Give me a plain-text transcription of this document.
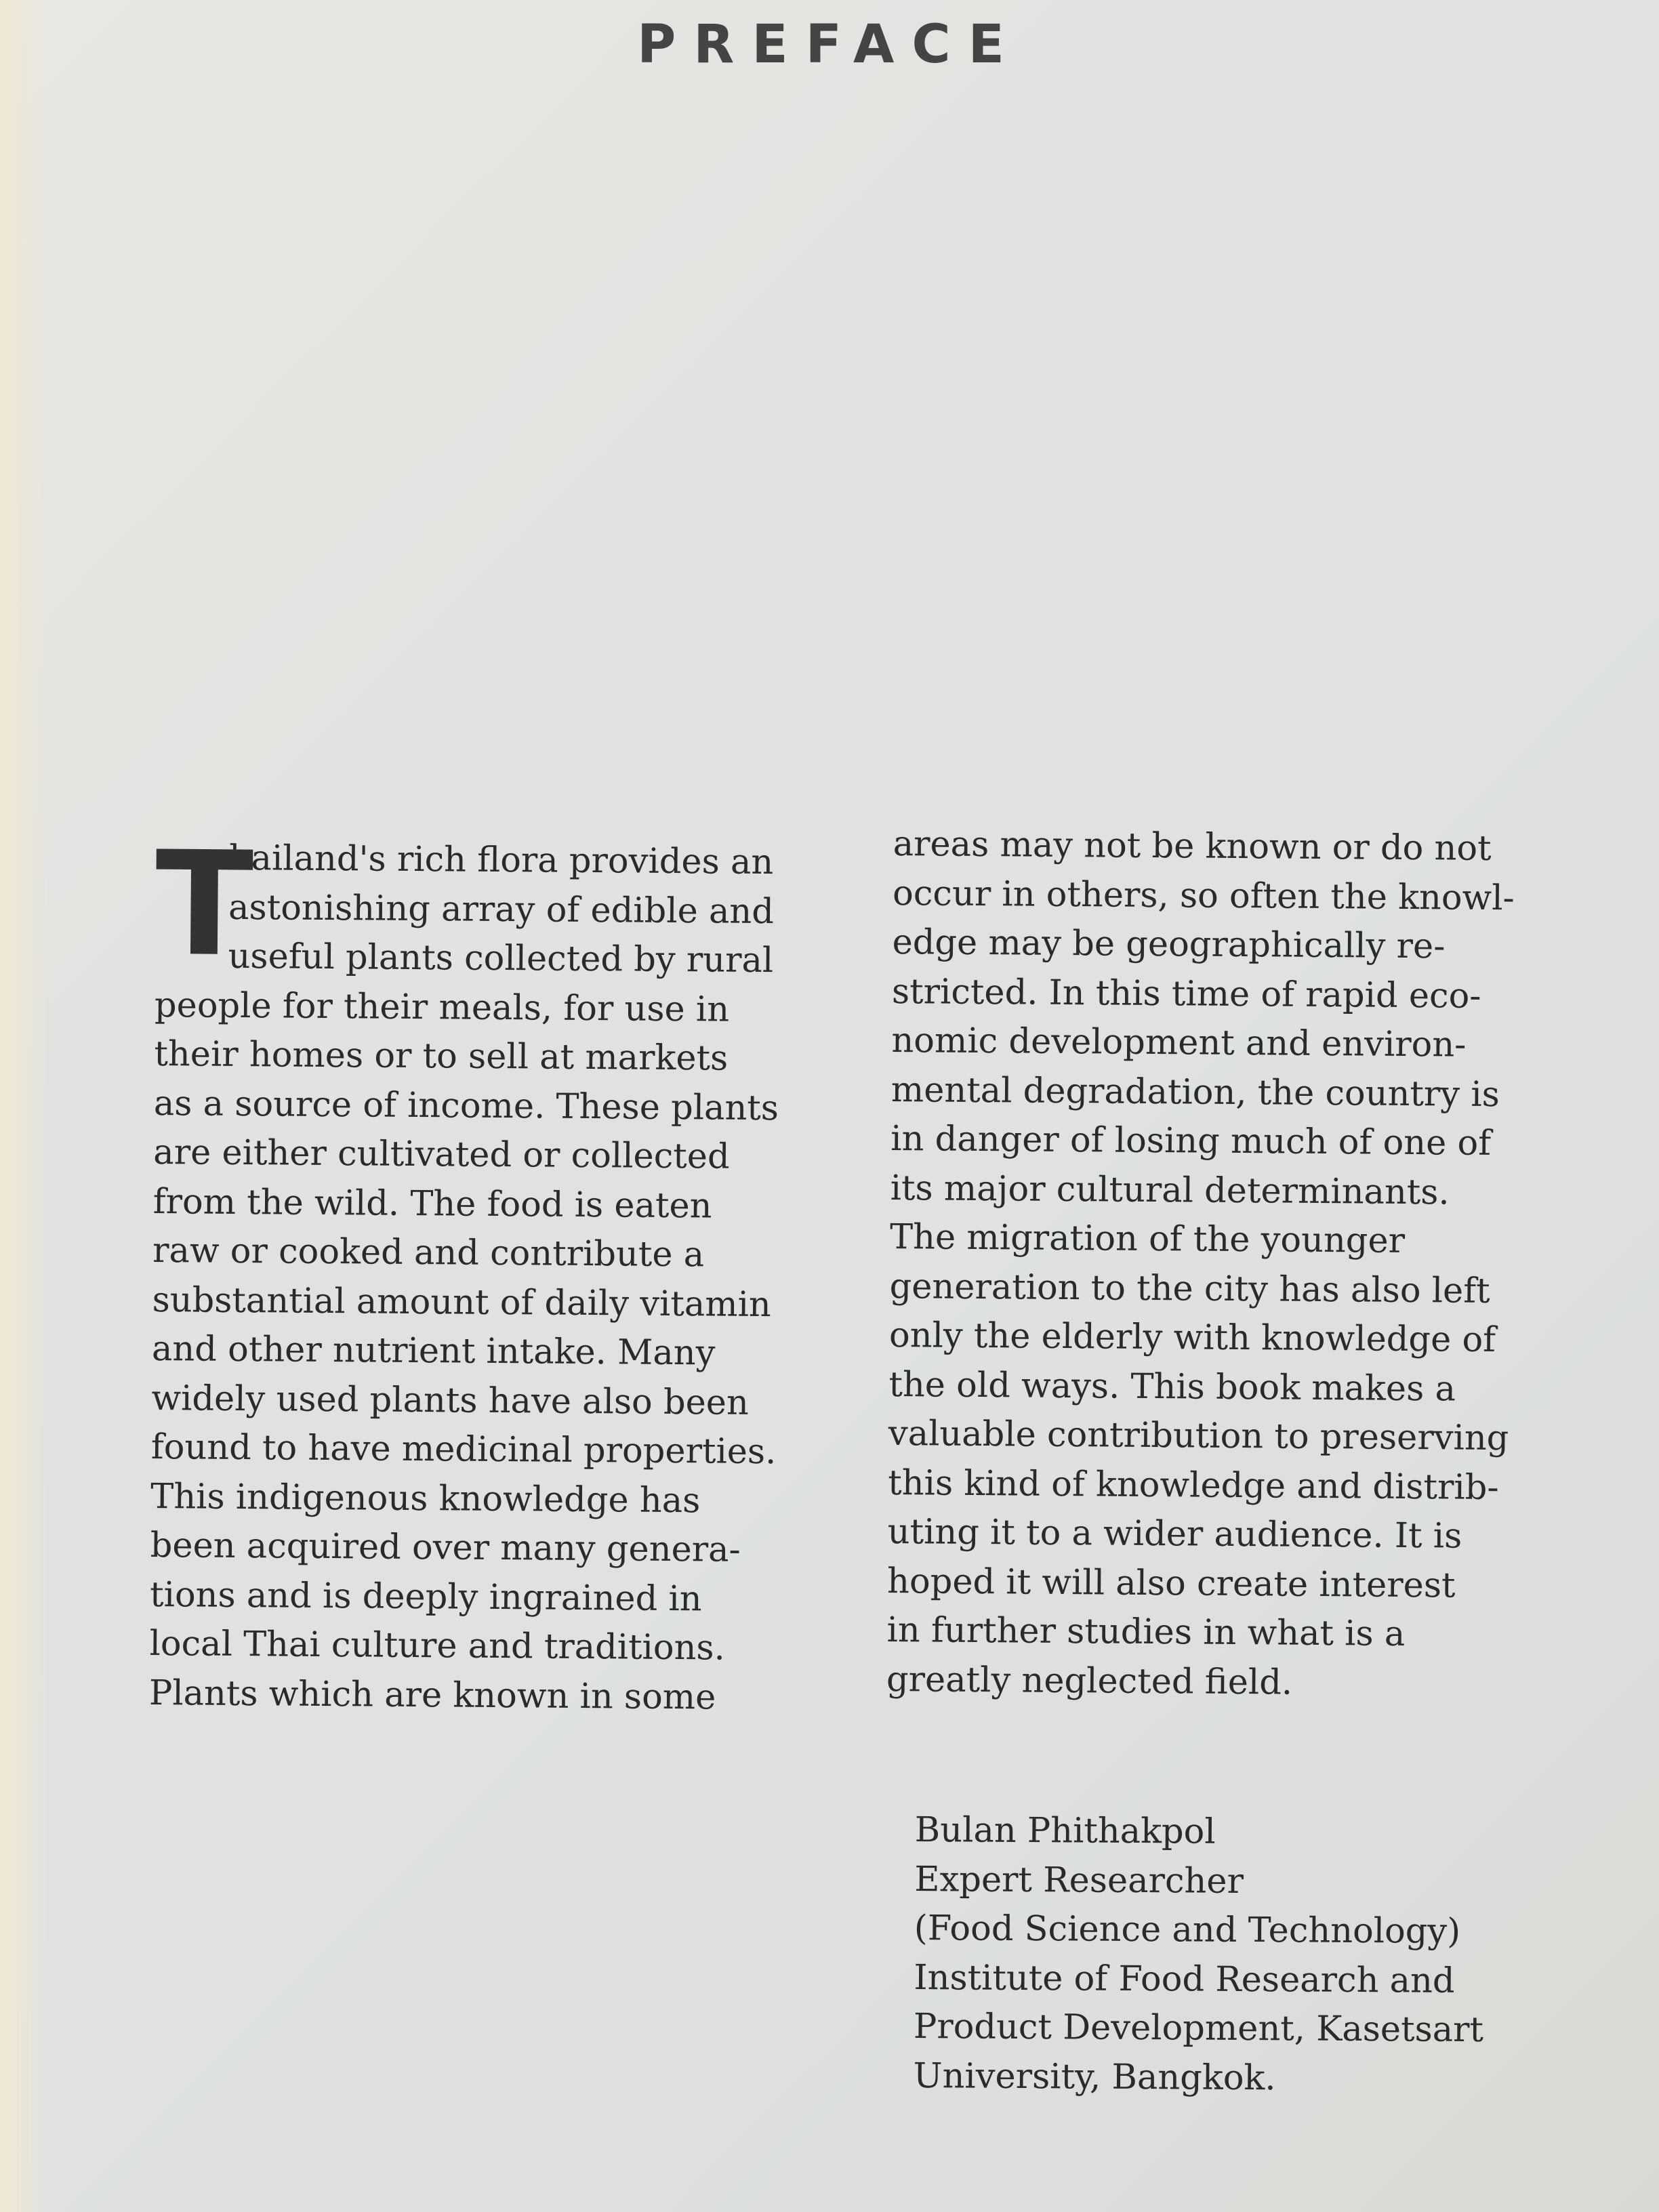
PREFACE
T
hailand's rich flora provides an
astonishing array of edible and
useful plants collected by rural
people for their meals, for use in
their homes or to sell at markets
as a source of income. These plants
are either cultivated or collected
from the wild. The food is eaten
raw or cooked and contribute a
substantial amount of daily vitamin
and other nutrient intake. Many
widely used plants have also been
found to have medicinal properties.
This indigenous knowledge has
been acquired over many genera-
tions and is deeply ingrained in
local Thai culture and traditions.
Plants which are known in some
areas may not be known or do not
occur in others, so often the knowl-
edge may be geographically re-
stricted. In this time of rapid eco-
nomic development and environ-
mental degradation, the country is
in danger of losing much of one of
its major cultural determinants.
The migration of the younger
generation to the city has also left
only the elderly with knowledge of
the old ways. This book makes a
valuable contribution to preserving
this kind of knowledge and distrib-
uting it to a wider audience. It is
hoped it will also create interest
in further studies in what is a
greatly neglected field.
Bulan Phithakpol
Expert Researcher
(Food Science and Technology)
Institute of Food Research and
Product Development, Kasetsart
University, Bangkok.
